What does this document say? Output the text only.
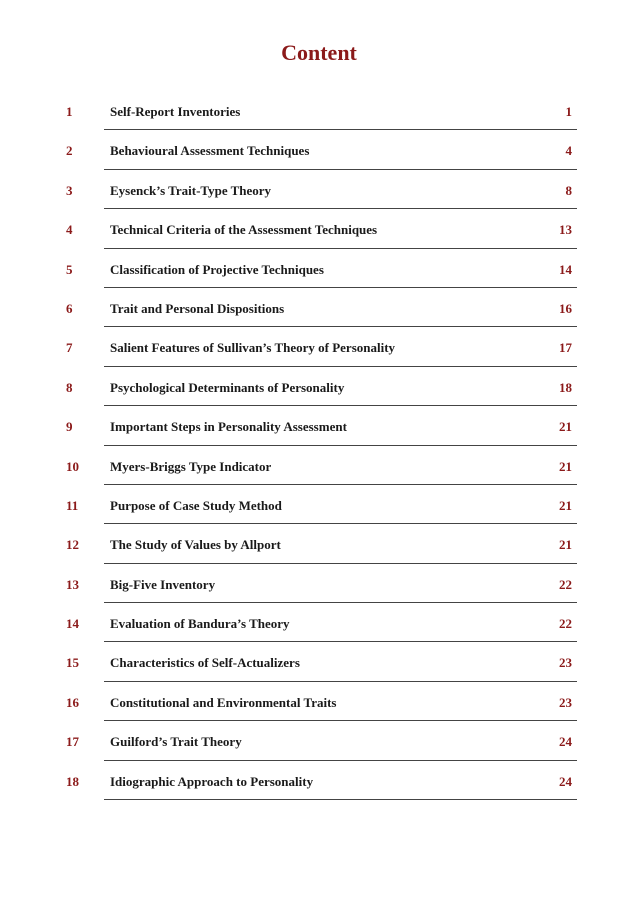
Content
1	Self-Report Inventories	1
2	Behavioural Assessment Techniques	4
3	Eysenck’s Trait-Type Theory	8
4	Technical Criteria of the Assessment Techniques	13
5	Classification of Projective Techniques	14
6	Trait and Personal Dispositions	16
7	Salient Features of Sullivan’s Theory of Personality	17
8	Psychological Determinants of Personality	18
9	Important Steps in Personality Assessment	21
10 Myers-Briggs Type Indicator	21
11 Purpose of Case Study Method	21
12 The Study of Values by Allport	21
13 Big-Five Inventory	22
14 Evaluation of Bandura’s Theory	22
15 Characteristics of Self-Actualizers	23
16 Constitutional and Environmental Traits	23
17 Guilford’s Trait Theory	24
18 Idiographic Approach to Personality	24
